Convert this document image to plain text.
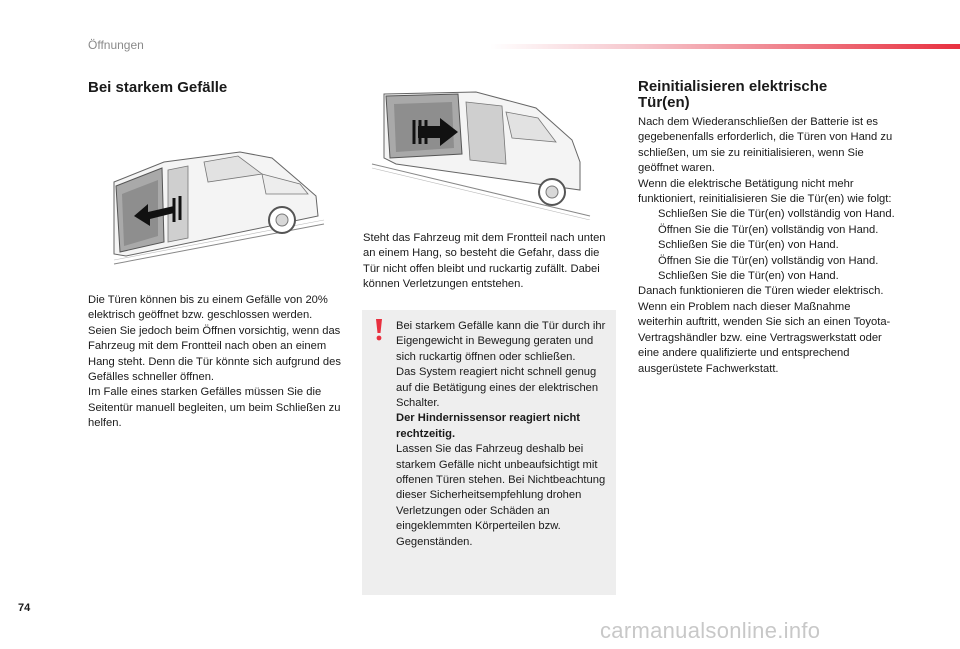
Öffnungen
Bei starkem Gefälle

Die Türen können bis zu einem Gefälle von 20% elektrisch geöffnet bzw. geschlossen werden.

Seien Sie jedoch beim Öffnen vorsichtig, wenn das Fahrzeug mit dem Frontteil nach oben an einem Hang steht. Denn die Tür könnte sich aufgrund des Gefälles schneller öffnen.

Im Falle eines starken Gefälles müssen Sie die Seitentür manuell begleiten, um beim Schließen zu helfen.

Steht das Fahrzeug mit dem Frontteil nach unten an einem Hang, so besteht die Gefahr, dass die Tür nicht offen bleibt und ruckartig zufällt. Dabei können Verletzungen entstehen.

Bei starkem Gefälle kann die Tür durch ihr Eigengewicht in Bewegung geraten und sich ruckartig öffnen oder schließen.

Das System reagiert nicht schnell genug auf die Betätigung eines der elektrischen Schalter.

Der Hindernissensor reagiert nicht rechtzeitig.

Lassen Sie das Fahrzeug deshalb bei starkem Gefälle nicht unbeaufsichtigt mit offenen Türen stehen. Bei Nichtbeachtung dieser Sicherheitsempfehlung drohen Verletzungen oder Schäden an eingeklemmten Körperteilen bzw. Gegenständen.

Reinitialisieren elektrische
Tür(en)

Nach dem Wiederanschließen der Batterie ist es gegebenenfalls erforderlich, die Türen von Hand zu schließen, um sie zu reinitialisieren, wenn Sie geöffnet waren.

Wenn die elektrische Betätigung nicht mehr funktioniert, reinitialisieren Sie die Tür(en) wie folgt:

Schließen Sie die Tür(en) vollständig von Hand.
Öffnen Sie die Tür(en) vollständig von Hand.
Schließen Sie die Tür(en) von Hand.
Öffnen Sie die Tür(en) vollständig von Hand.
Schließen Sie die Tür(en) von Hand.

Danach funktionieren die Türen wieder elektrisch.

Wenn ein Problem nach dieser Maßnahme weiterhin auftritt, wenden Sie sich an einen Toyota-Vertragshändler bzw. eine Vertragswerkstatt oder eine andere qualifizierte und entsprechend ausgerüstete Fachwerkstatt.

74
carmanualsonline.info
